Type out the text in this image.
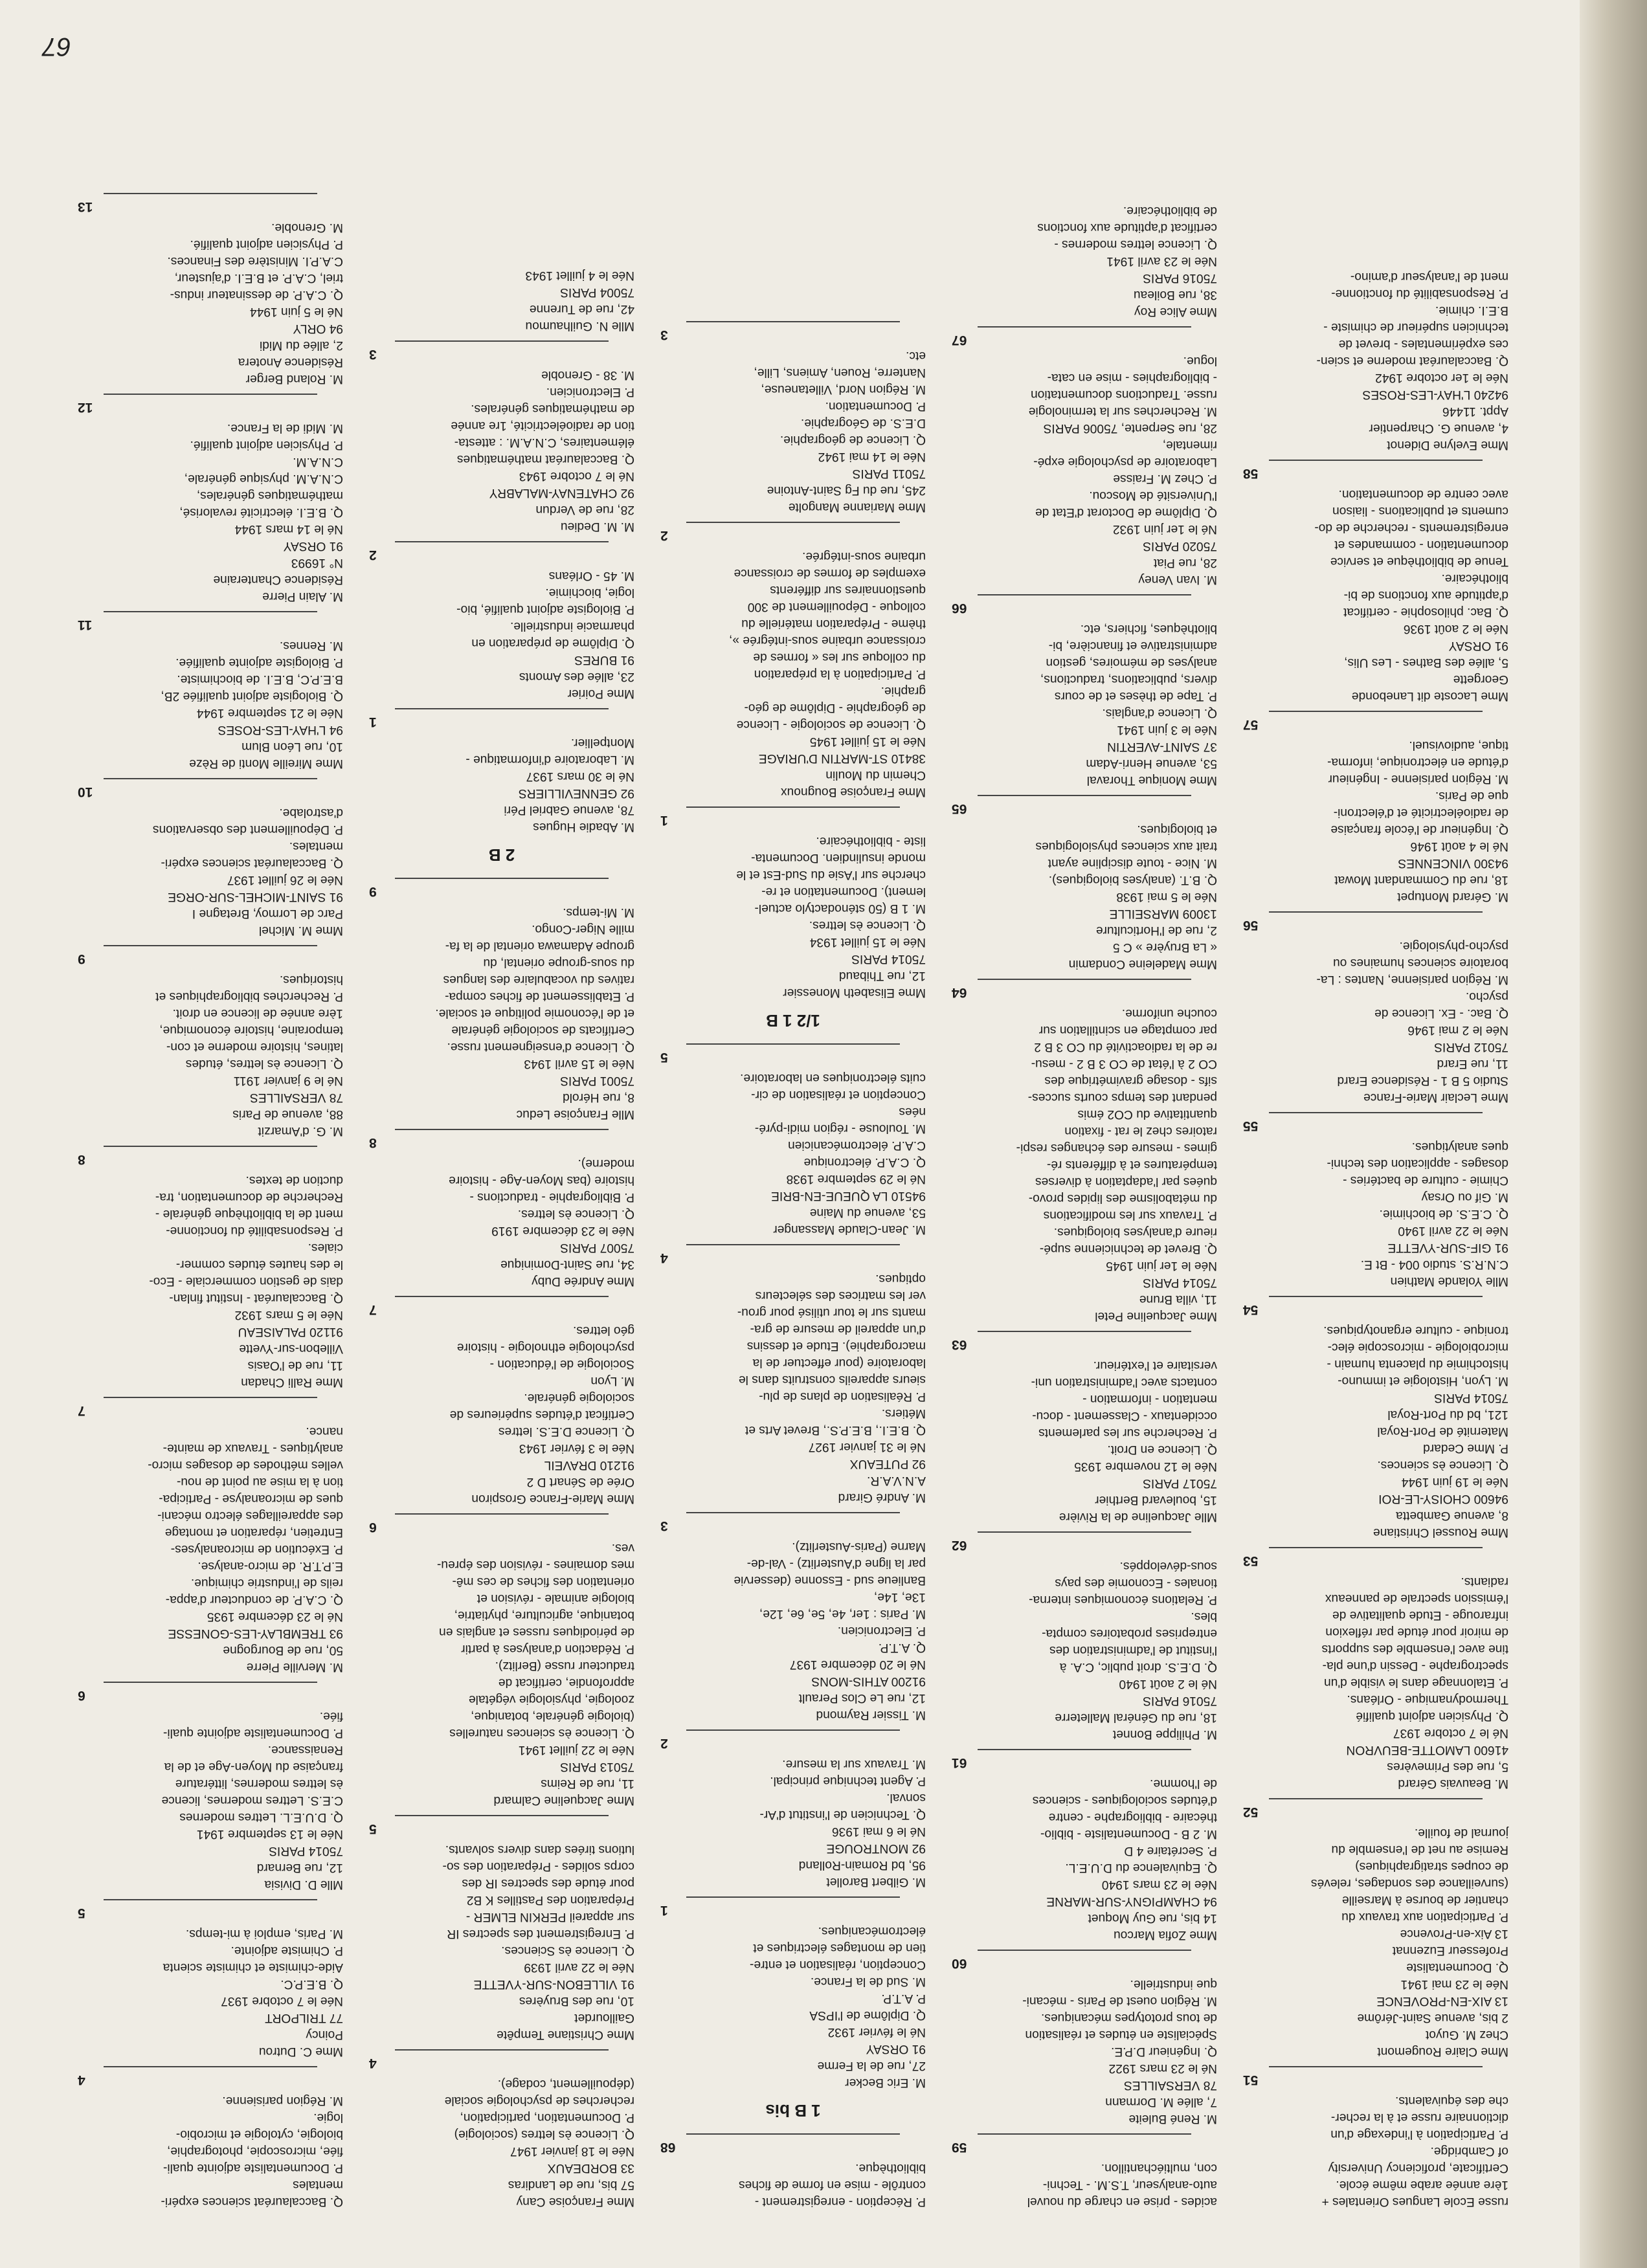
67
russe Ecole Langues Orientales +
1ère année arabe même école.
Certificate, proficiency University
of Cambridge.
P. Participation à l'indexage d'un
dictionnaire russe et à la recher-
che des équivalents.
51
Mme Claire Rougemont
Chez M. Guyot
2 bis, avenue Saint-Jérôme
13 AIX-EN-PROVENCE
Née le 23 mai 1941
Q. Documentaliste
Professeur Euzennat
13 Aix-en-Provence
P. Participation aux travaux du
chantier de bourse à Marseille
(surveillance des sondages, relevés
de coupes stratigraphiques)
Remise au net de l'ensemble du
journal de fouille.
52
M. Beauvais Gérard
5, rue des Primevères
41600 LAMOTTE-BEUVRON
Né le 7 octobre 1937
Q. Physicien adjoint qualifié
Thermodynamique - Orléans.
P. Etalonnage dans le visible d'un
spectrographe - Dessin d'une pla-
tine avec l'ensemble des supports
de miroir pour étude par réflexion
infrarouge - Etude qualitative de
l'émission spectrale de panneaux
radiants.
53
Mme Roussel Christiane
8, avenue Gambetta
94600 CHOISY-LE-ROI
Née le 19 juin 1944
Q. Licence ès sciences.
P. Mme Cedard
Maternité de Port-Royal
121, bd du Port-Royal
75014 PARIS
M. Lyon, Histologie et immuno-
histochimie du placenta humain -
microbiologie - microscopie élec-
tronique - culture erganotypiques.
54
Mlle Yolande Mathien
C.N.R.S. studio 004 - Bt E.
91 GIF-SUR-YVETTE
Née le 22 avril 1940
Q. C.E.S. de biochimie.
M. Gif ou Orsay
Chimie - culture de bactéries -
dosages - application des techni-
ques analytiques.
55
Mme Leclair Marie-France
Studio 5 B 1 - Résidence Erard
11, rue Erard
75012 PARIS
Née le 2 mai 1946
Q. Bac. - Ex. Licence de
psycho.
M. Région parisienne, Nantes : La-
boratoire sciences humaines ou
psycho-physiologie.
56
M. Gérard Montupet
18, rue du Commandant Mowat
94300 VINCENNES
Né le 4 août 1946
Q. Ingénieur de l'école française
de radioélectricité et d'électroni-
que de Paris.
M. Région parisienne - Ingénieur
d'étude en électronique, informa-
tique, audiovisuel.
57
Mme Lacoste dit Lanebonde
Georgette
5, allée des Bathes - Les Ulis,
91 ORSAY
Née le 2 août 1936
Q. Bac. philosophie - certificat
d'aptitude aux fonctions de bi-
bliothécaire.
Tenue de bibliothèque et service
documentation - commandes et
enregistrements - recherche de do-
cuments et publications - liaison
avec centre de documentation.
58
Mme Evelyne Didenot
4, avenue G. Charpentier
Appt. 11446
94240 L'HAY-LES-ROSES
Née le 1er octobre 1942
Q. Baccalauréat moderne et scien-
ces expérimentales - brevet de
technicien supérieur de chimiste -
B.E.I. chimie.
P. Responsabilité du fonctionne-
ment de l'analyseur d'amino-
acides - prise en charge du nouvel
auto-analyseur, T.S.M. - Techni-
con, multiéchantillon.
59
M. René Buleite
7, allée M. Dormann
78 VERSAILLES
Né le 23 mars 1922
Q. Ingénieur D.P.E.
Spécialiste en études et réalisation
de tous prototypes mécaniques.
M. Région ouest de Paris - mécani-
que industrielle.
60
Mme Zofia Marcou
14 bis, rue Guy Moquet
94 CHAMPIGNY-SUR-MARNE
Née le 23 mars 1940
Q. Equivalence du D.U.E.L.
P. Secrétaire 4 D
M. 2 B - Documentaliste - biblio-
thécaire - bibliographe - centre
d'études sociologiques - sciences
de l'homme.
61
M. Philippe Bonnet
18, rue du Général Malleterre
75016 PARIS
Né le 2 août 1940
Q. D.E.S. droit public, C.A. à
l'institut de l'administration des
entreprises probatoires compta-
bles.
P. Relations économiques interna-
tionales - Economie des pays
sous-développés.
62
Mlle Jacqueline de la Rivière
15, boulevard Berthier
75017 PARIS
Née le 12 novembre 1935
Q. Licence en Droit.
P. Recherche sur les parlements
occidentaux - Classement - docu-
mentation - information -
contacts avec l'administration uni-
versitaire et l'extérieur.
63
Mme Jacqueline Petel
11, villa Brune
75014 PARIS
Née le 1er juin 1945
Q. Brevet de technicienne supé-
rieure d'analyses biologiques.
P. Travaux sur les modifications
du métabolisme des lipides provo-
quées par l'adaptation à diverses
températures et à différents ré-
gimes - mesure des échanges respi-
ratoires chez le rat - fixation
quantitative du CO2 émis
pendant des temps courts succes-
sifs - dosage gravimétrique des
CO 2 à l'état de CO 3 B 2 - mesu-
re de la radioactivité du CO 3 B 2
par comptage en scintillation sur
couche uniforme.
64
Mme Madeleine Condamin
« La Bruyère » C 5
2, rue de l'Horticulture
13009 MARSEILLE
Née le 5 mai 1938
Q. B.T. (analyses biologiques).
M. Nice - toute discipline ayant
trait aux sciences physiologiques
et biologiques.
65
Mme Monique Thoraval
53, avenue Henri-Adam
37 SAINT-AVERTIN
Née le 3 juin 1941
Q. Licence d'anglais.
P. Tape de thèses et de cours
divers, publications, traductions,
analyses de mémoires, gestion
administrative et financière, bi-
bliothèques, fichiers, etc.
66
M. Ivan Veney
28, rue Piat
75020 PARIS
Né le 1er juin 1932
Q. Diplôme de Doctorat d'Etat de
l'Université de Moscou.
P. Chez M. Fraisse
Laboratoire de psychologie expé-
rimentale,
28, rue Serpente, 75006 PARIS
M. Recherches sur la terminologie
russe. Traductions documentation
- bibliographies - mise en cata-
logue.
67
Mme Alice Roy
38, rue Boileau
75016 PARIS
Née le 23 avril 1941
Q. Licence lettres modernes -
certificat d'aptitude aux fonctions
de bibliothécaire.
P. Réception - enregistrement -
contrôle - mise en forme de fiches
bibliothèque.
68
1 B bis
M. Eric Becker
27, rue de la Ferme
91 ORSAY
Né le février 1932
Q. Diplôme de l'IPSA
P. A.T.P.
M. Sud de la France.
Conception, réalisation et entre-
tien de montages électriques et
électromécaniques.
1
M. Gilbert Barollet
95, bd Romain-Rolland
92 MONTROUGE
Né le 6 mai 1936
Q. Technicien de l'institut d'Ar-
sonval.
P. Agent technique principal.
M. Travaux sur la mesure.
2
M. Tissier Raymond
12, rue Le Clos Perault
91200 ATHIS-MONS
Né le 20 décembre 1937
Q. A.T.P.
P. Electronicien.
M. Paris : 1er, 4e, 5e, 6e, 12e,
13e, 14e,
Banlieue sud - Essonne (desservie
par la ligne d'Austerlitz) - Val-de-
Marne (Paris-Austerlitz).
3
M. André Girard
A.N.V.A.R.
92 PUTEAUX
Né le 31 janvier 1927
Q. B.E.I., B.E.P.S., Brevet Arts et
Métiers.
P. Réalisation de plans de plu-
sieurs appareils construits dans le
laboratoire (pour effectuer de la
macrographie). Etude et dessins
d'un appareil de mesure de gra-
mants sur le tour utilisé pour grou-
ver les matrices des sélecteurs
optiques.
4
M. Jean-Claude Massanger
53, avenue du Maine
94510 LA QUEUE-EN-BRIE
Né le 29 septembre 1938
Q. C.A.P. électronique
C.A.P. électromécanicien
M. Toulouse - région midi-pyré-
nées
Conception et réalisation de cir-
cuits électroniques en laboratoire.
5
1/2 1 B
Mme Elisabeth Monessier
12, rue Thibaud
75014 PARIS
Née le 15 juillet 1934
Q. Licence ès lettres.
M. 1 B (50 sténodactylo actuel-
lement). Documentation et re-
cherche sur l'Asie du Sud-Est et le
monde insulindien. Documenta-
liste - bibliothécaire.
1
Mme Françoise Bougnoux
Chemin du Moulin
38410 ST-MARTIN D'URIAGE
Née le 15 juillet 1945
Q. Licence de sociologie - Licence
de géographie - Diplôme de géo-
graphie.
P. Participation à la préparation
du colloque sur les « formes de
croissance urbaine sous-intégrée »,
thème - Préparation matérielle du
colloque - Dépouillement de 300
questionnaires sur différents
exemples de formes de croissance
urbaine sous-intégrée.
2
Mme Marianne Mangolte
245, rue du Fg Saint-Antoine
75011 PARIS
Née le 14 mai 1942
Q. Licence de géographie.
D.E.S. de Géographie.
P. Documentation.
M. Région Nord, Villetaneuse,
Nanterre, Rouen, Amiens, Lille,
etc.
3
Mme Françoise Cany
57 bis, rue de Landiras
33 BORDEAUX
Née le 18 janvier 1947
Q. Licence ès lettres (sociologie)
P. Documentation, participation,
recherches de psychologie sociale
(dépouillement, codage).
4
Mme Christiane Tempête
Gaillourdet
10, rue des Bruyères
91 VILLEBON-SUR-YVETTE
Née le 22 avril 1939
Q. Licence ès Sciences.
P. Enregistrement des spectres IR
sur appareil PERKIN ELMER -
Préparation des Pastilles K B2
pour étude des spectres IR des
corps solides - Préparation des so-
lutions tirées dans divers solvants.
5
Mme Jacqueline Calmard
11, rue de Reims
75013 PARIS
Née le 22 juillet 1941
Q. Licence ès sciences naturelles
(biologie générale, botanique,
zoologie, physiologie végétale
approfondie, certificat de
traducteur russe (Berlitz).
P. Rédaction d'analyses à partir
de périodiques russes et anglais en
botanique, agriculture, phytiatrie,
biologie animale - révision et
orientation des fiches de ces mê-
mes domaines - révision des épreu-
ves.
6
Mme Marie-France Grospiron
Orée de Sénart D 2
91210 DRAVEIL
Née le 3 février 1943
Q. Licence D.E.S. lettres
Certificat d'études supérieures de
sociologie générale.
M. Lyon
Sociologie de l'éducation -
psychologie ethnologie - histoire
géo lettres.
7
Mme Andrée Duby
34, rue Saint-Dominique
75007 PARIS
Née le 23 décembre 1919
Q. Licence ès lettres.
P. Bibliographie - traductions -
histoire (bas Moyen-Age - histoire
moderne).
8
Mlle Françoise Leduc
8, rue Hérold
75001 PARIS
Née le 15 avril 1943
Q. Licence d'enseignement russe.
Certificats de sociologie générale
et de l'économie politique et sociale.
P. Etablissement de fiches compa-
ratives du vocabulaire des langues
du sous-groupe oriental, du
groupe Adamawa oriental de la fa-
mille Niger-Congo.
M. Mi-temps.
9
2 B
M. Abadie Hugues
78, avenue Gabriel Péri
92 GENNEVILLIERS
Né le 30 mars 1937
M. Laboratoire d'informatique -
Montpellier.
1
Mme Poirier
23, allée des Amonts
91 BURES
Q. Diplôme de préparation en
pharmacie industrielle.
P. Biologiste adjoint qualifié, bio-
logie, biochimie.
M. 45 - Orléans
2
M. M. Dedieu
28, rue de Verdun
92 CHATENAY-MALABRY
Né le 7 octobre 1943
Q. Baccalauréat mathématiques
élémentaires, C.N.A.M. : attesta-
tion de radioélectricité, 1re année
de mathématiques générales.
P. Electronicien.
M. 38 - Grenoble
3
Mlle N. Guilhaumou
42, rue de Turenne
75004 PARIS
Née le 4 juillet 1943
Q. Baccalauréat sciences expéri-
mentales
P. Documentaliste adjointe quali-
fiée, microscopie, photographie,
biologie, cytologie et microbio-
logie.
M. Région parisienne.
4
Mme C. Dutrou
Poincy
77 TRILPORT
Née le 7 octobre 1937
Q. B.E.P.C.
Aide-chimiste et chimiste scienta
P. Chimiste adjointe.
M. Paris, emploi à mi-temps.
5
Mlle D. Divisia
12, rue Bernard
75014 PARIS
Née le 13 septembre 1941
Q. D.U.E.L. Lettres modernes
C.E.S. Lettres modernes, licence
ès lettres modernes, littérature
française du Moyen-Age et de la
Renaissance.
P. Documentaliste adjointe quali-
fiée.
6
M. Merville Pierre
50, rue de Bourgogne
93 TREMBLAY-LES-GONESSE
Né le 23 décembre 1935
Q. C.A.P. de conducteur d'appa-
reils de l'industrie chimique.
E.P.T.R. de micro-analyse.
P. Exécution de microanalyses-
Entretien, réparation et montage
des appareillages électro mécani-
ques de microanalyse - Participa-
tion à la mise au point de nou-
velles méthodes de dosages micro-
analytiques - Travaux de mainte-
nance.
7
Mme Ralli Chadan
11, rue de l'Oasis
Villebon-sur-Yvette
91120 PALAISEAU
Née le 5 mars 1932
Q. Baccalauréat - Institut finlan-
dais de gestion commerciale - Eco-
le des hautes études commer-
ciales.
P. Responsabilité du fonctionne-
ment de la bibliothèque générale -
Recherche de documentation, tra-
duction de textes.
8
M. G. d'Amarzit
88, avenue de Paris
78 VERSAILLES
Né le 9 janvier 1911
Q. Licence ès lettres, études
latines, histoire moderne et con-
temporaine, histoire économique,
1ère année de licence en droit.
P. Recherches bibliographiques et
historiques.
9
Mme M. Michel
Parc de Lormoy, Bretagne I
91 SAINT-MICHEL-SUR-ORGE
Née le 26 juillet 1937
Q. Baccalauréat sciences expéri-
mentales.
P. Dépouillement des observations
d'astrolabe.
10
Mme Mireille Monti de Rèze
10, rue Léon Blum
94 L'HAY-LES-ROSES
Née le 21 septembre 1944
Q. Biologiste adjoint qualifiée 2B,
B.E.P.C, B.E.I. de biochimiste.
P. Biologiste adjointe qualifiée.
M. Rennes.
11
M. Alain Pierre
Résidence Chanteraine
N° 16993
91 ORSAY
Né le 14 mars 1944
Q. B.E.I. électricité revalorisé,
mathématiques générales,
C.N.A.M. physique générale,
C.N.A.M.
P. Physicien adjoint qualifié.
M. Midi de la France.
12
M. Roland Berger
Résidence Anotera
2, allée du Midi
94 ORLY
Né le 5 juin 1944
Q. C.A.P. de dessinateur indus-
triel, C.A.P. et B.E.I. d'ajusteur,
C.A.P.I. Ministère des Finances.
P. Physicien adjoint qualifié.
M. Grenoble.
13
